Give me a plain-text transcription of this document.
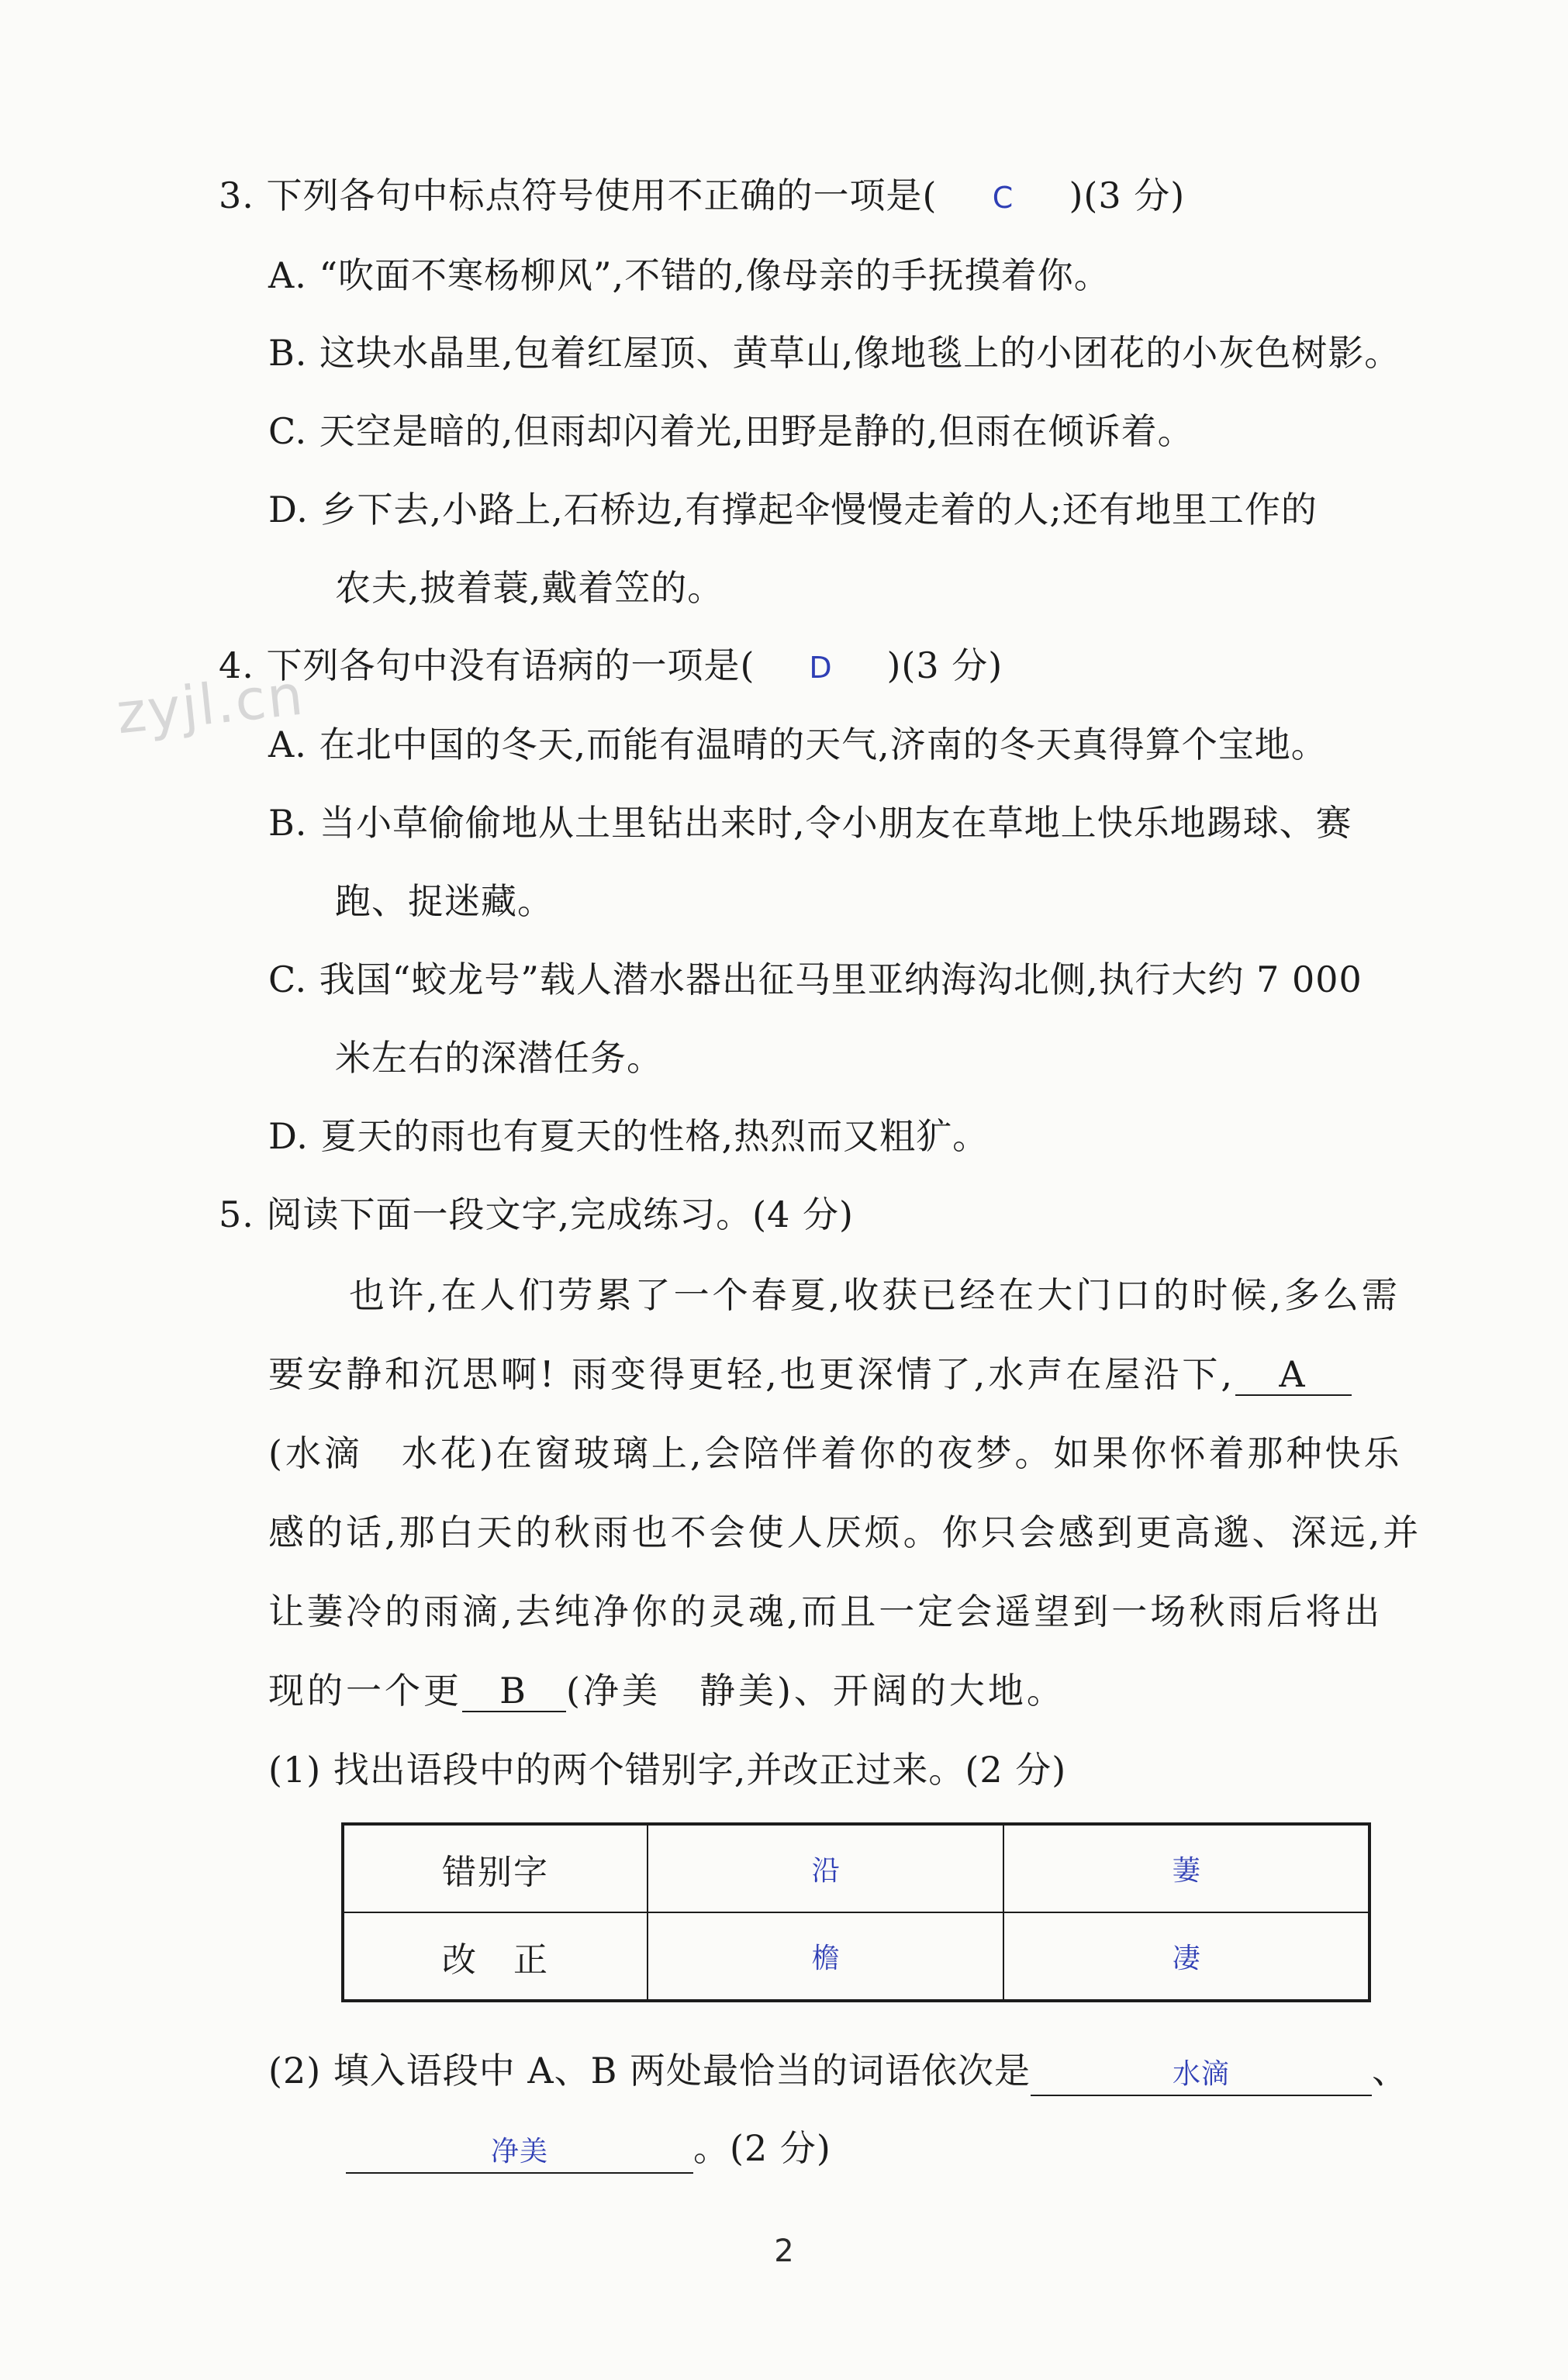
zyjl.cn
3. 下列各句中标点符号使用不正确的一项是( C )(3 分)
A. “吹面不寒杨柳风”,不错的,像母亲的手抚摸着你。
B. 这块水晶里,包着红屋顶、黄草山,像地毯上的小团花的小灰色树影。
C. 天空是暗的,但雨却闪着光,田野是静的,但雨在倾诉着。
D. 乡下去,小路上,石桥边,有撑起伞慢慢走着的人;还有地里工作的
农夫,披着蓑,戴着笠的。
4. 下列各句中没有语病的一项是( D )(3 分)
A. 在北中国的冬天,而能有温晴的天气,济南的冬天真得算个宝地。
B. 当小草偷偷地从土里钻出来时,令小朋友在草地上快乐地踢球、赛
跑、捉迷藏。
C. 我国“蛟龙号”载人潜水器出征马里亚纳海沟北侧,执行大约 7 000
米左右的深潜任务。
D. 夏天的雨也有夏天的性格,热烈而又粗犷。
5. 阅读下面一段文字,完成练习。(4 分)
也许,在人们劳累了一个春夏,收获已经在大门口的时候,多么需
要安静和沉思啊! 雨变得更轻,也更深情了,水声在屋沿下, A
(水滴　水花)在窗玻璃上,会陪伴着你的夜梦。如果你怀着那种快乐
感的话,那白天的秋雨也不会使人厌烦。你只会感到更高邈、深远,并
让萋冷的雨滴,去纯净你的灵魂,而且一定会遥望到一场秋雨后将出
现的一个更 B (净美　静美)、开阔的大地。
(1) 找出语段中的两个错别字,并改正过来。(2 分)
错别字	沿	萋
改　正	檐	凄
(2) 填入语段中 A、B 两处最恰当的词语依次是	水滴	、
净美	。(2 分)
2
